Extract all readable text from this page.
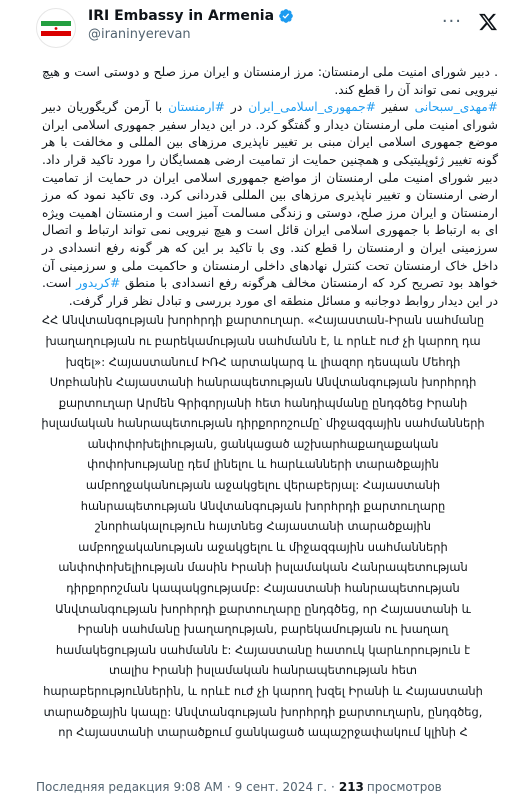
IRI Embassy in Armenia
@iraninyerevan
···

. دبیر شورای امنیت ملی ارمنستان: مرز ارمنستان و ایران مرز صلح و دوستی است و هیچ نیرویی نمی تواند آن را قطع کند.

#مهدی_سبحانی سفیر #جمهوری_اسلامی_ایران در #ارمنستان با آرمن گریگوریان دبیر شورای امنیت ملی ارمنستان دیدار و گفتگو کرد. در این دیدار سفیر جمهوری اسلامی ایران موضع جمهوری اسلامی ایران مبنی بر تغییر ناپذیری مرزهای بین المللی و مخالفت با هر گونه تغییر ژئوپلیتیکی و همچنین حمایت از تمامیت ارضی همسایگان را مورد تاکید قرار داد. دبیر شورای امنیت ملی ارمنستان از مواضع جمهوری اسلامی ایران در حمایت از تمامیت ارضی ارمنستان و تغییر ناپذیری مرزهای بین المللی قدردانی کرد. وی تاکید نمود که مرز ارمنستان و ایران مرز صلح، دوستی و زندگی مسالمت آمیز است و ارمنستان اهمیت ویژه ای به ارتباط با جمهوری اسلامی ایران قائل است و هیچ نیرویی نمی تواند ارتباط و اتصال سرزمینی ایران و ارمنستان را قطع کند. وی با تاکید بر این که هر گونه رفع انسدادی در داخل خاک ارمنستان تحت کنترل نهادهای داخلی ارمنستان و حاکمیت ملی و سرزمینی آن خواهد بود تصریح کرد که ارمنستان مخالف هرگونه رفع انسدادی با منطق #کریدور است. در این دیدار روابط دوجانبه و مسائل منطقه ای مورد بررسی و تبادل نظر قرار گرفت.

ՀՀ Անվտանգության խորհրդի քարտուղար. «Հայաստան-Իրան սահմանը խաղաղության ու բարեկամության սահմանն է, և որևէ ուժ չի կարող դա խզել»: Հայաստանում ԻՌՀ արտակարգ և լիազոր դեսպան Մեհդի Սոբհանին Հայաստանի հանրապետության Անվտանգության խորհրդի քարտուղար Արմեն Գրիգորյանի հետ հանդիպմանը ընդգծեց Իրանի իսլամական հանրապետության դիրքորոշումը՝ միջազգային սահմանների անփոփոխելիության, ցանկացած աշխարհաքաղաքական փոփոխությանը դեմ լինելու և հարևանների տարածքային ամբողջականության աջակցելու վերաբերյալ: Հայաստանի հանրապետության Անվտանգության խորհրդի քարտուղարը շնորհակալություն հայտնեց Հայաստանի տարածքային ամբողջականության աջակցելու և միջազգային սահմանների անփոփոխելիության մասին Իրանի իսլամական Հանրապետության դիրքորոշման կապակցությամբ: Հայաստանի հանրապետության Անվտանգության խորհրդի քարտուղարը ընդգծեց, որ Հայաստանի և Իրանի սահմանը խաղաղության, բարեկամության ու խաղաղ համակեցության սահմանն է: Հայաստանը հատուկ կարևորություն է տալիս Իրանի իսլամական հանրապետության հետ հարաբերություններին, և որևէ ուժ չի կարող խզել Իրանի և Հայաստանի տարածքային կապը: Անվտանգության խորհրդի քարտուղարն, ընդգծեց, որ Հայաստանի տարածքում ցանկացած ապաշրջափակում կլինի Հ

Последняя редакция 9:08 AM · 9 сент. 2024 г. · 213 просмотров
